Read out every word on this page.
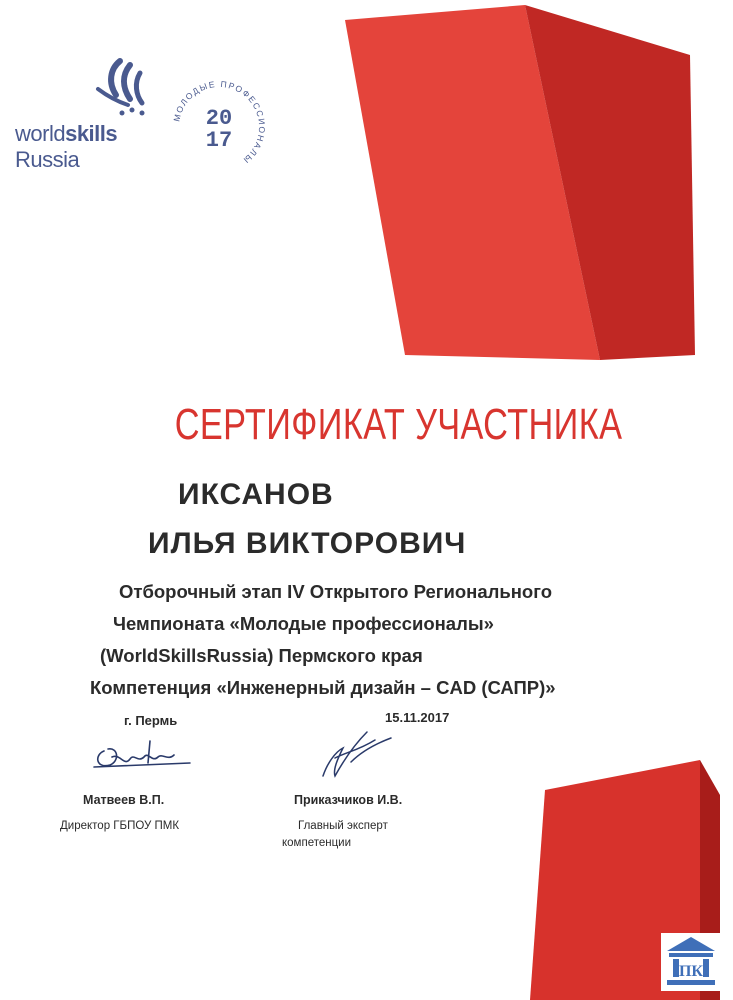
worldskills
Russia
МОЛОДЫЕ ПРОФЕССИОНАЛЫ
20
17
СЕРТИФИКАТ УЧАСТНИКА
ИКСАНОВ
ИЛЬЯ ВИКТОРОВИЧ
Отборочный этап IV Открытого Регионального
Чемпионата «Молодые профессионалы»
(WorldSkillsRussia) Пермского края
Компетенция «Инженерный дизайн – CAD (САПР)»
г. Пермь	15.11.2017
Матвеев В.П.	Приказчиков И.В.
Директор ГБПОУ ПМК	Главный эксперт
компетенции
ПК
